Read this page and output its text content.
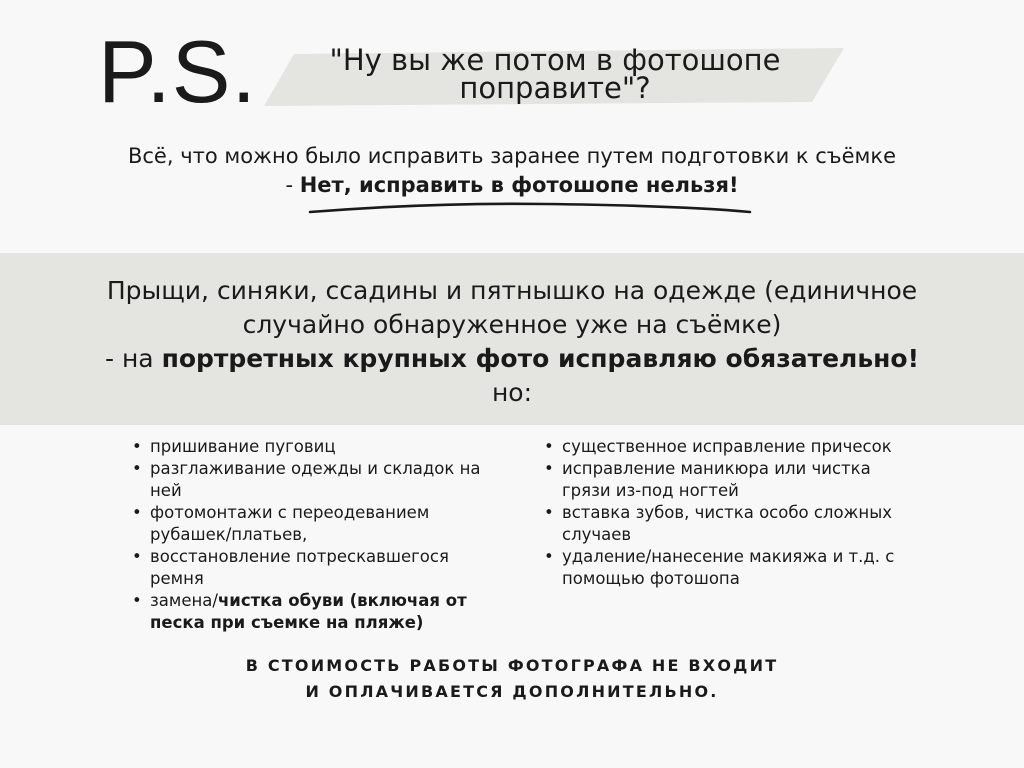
P.S.	"Ну вы же потом в фотошопе
поправите"?
Всё, что можно было исправить заранее путем подготовки к съёмке
- Нет, исправить в фотошопе нельзя!
Прыщи, синяки, ссадины и пятнышко на одежде (единичное
случайно обнаруженное уже на съёмке)
- на портретных крупных фото исправляю обязательно!
но:
• пришивание пуговиц
• разглаживание одежды и складок на ней
• фотомонтажи с переодеванием рубашек/платьев,
• восстановление потрескавшегося ремня
• замена/чистка обуви (включая от песка при съемке на пляже)
• существенное исправление причесок
• исправление маникюра или чистка грязи из-под ногтей
• вставка зубов, чистка особо сложных случаев
• удаление/нанесение макияжа и т.д. с помощью фотошопа
В СТОИМОСТЬ РАБОТЫ ФОТОГРАФА НЕ ВХОДИТ
И ОПЛАЧИВАЕТСЯ ДОПОЛНИТЕЛЬНО.
